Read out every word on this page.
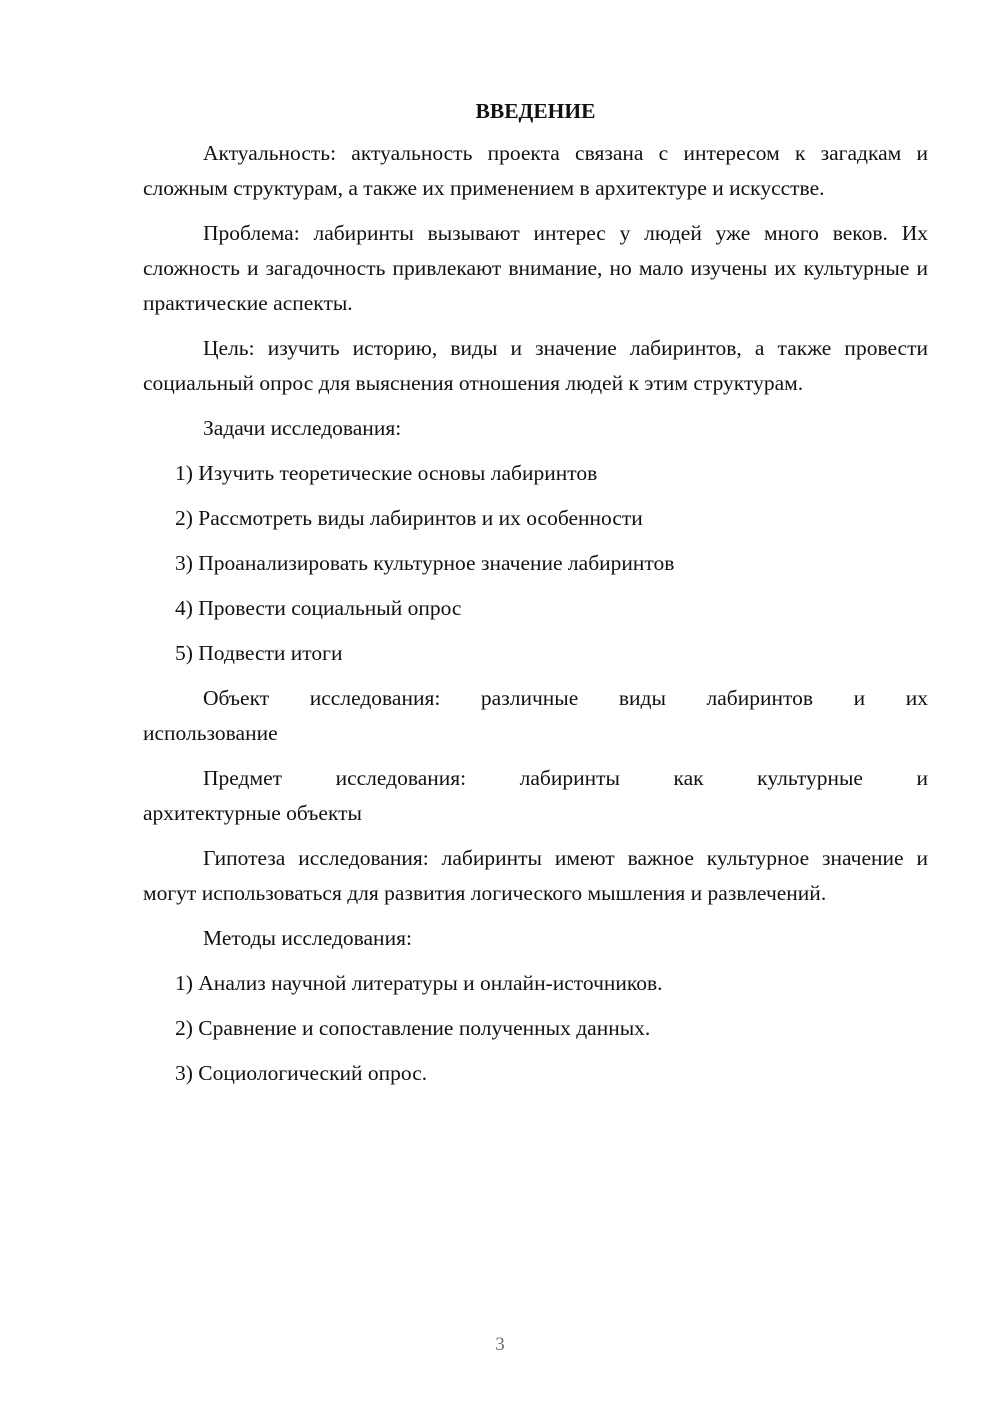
ВВЕДЕНИЕ

Актуальность: актуальность проекта связана с интересом к загадкам и сложным структурам, а также их применением в архитектуре и искусстве.

Проблема: лабиринты вызывают интерес у людей уже много веков. Их сложность и загадочность привлекают внимание, но мало изучены их культурные и практические аспекты.

Цель: изучить историю, виды и значение лабиринтов, а также провести социальный опрос для выяснения отношения людей к этим структурам.

Задачи исследования:

1) Изучить теоретические основы лабиринтов
2) Рассмотреть виды лабиринтов и их особенности
3) Проанализировать культурное значение лабиринтов
4) Провести социальный опрос
5) Подвести итоги
Объект исследования: различные виды лабиринтов и их
использование
Предмет исследования: лабиринты как культурные и
архитектурные объекты

Гипотеза исследования: лабиринты имеют важное культурное значение и могут использоваться для развития логического мышления и развлечений.

Методы исследования:

1) Анализ научной литературы и онлайн-источников.
2) Сравнение и сопоставление полученных данных.
3) Социологический опрос.
3
